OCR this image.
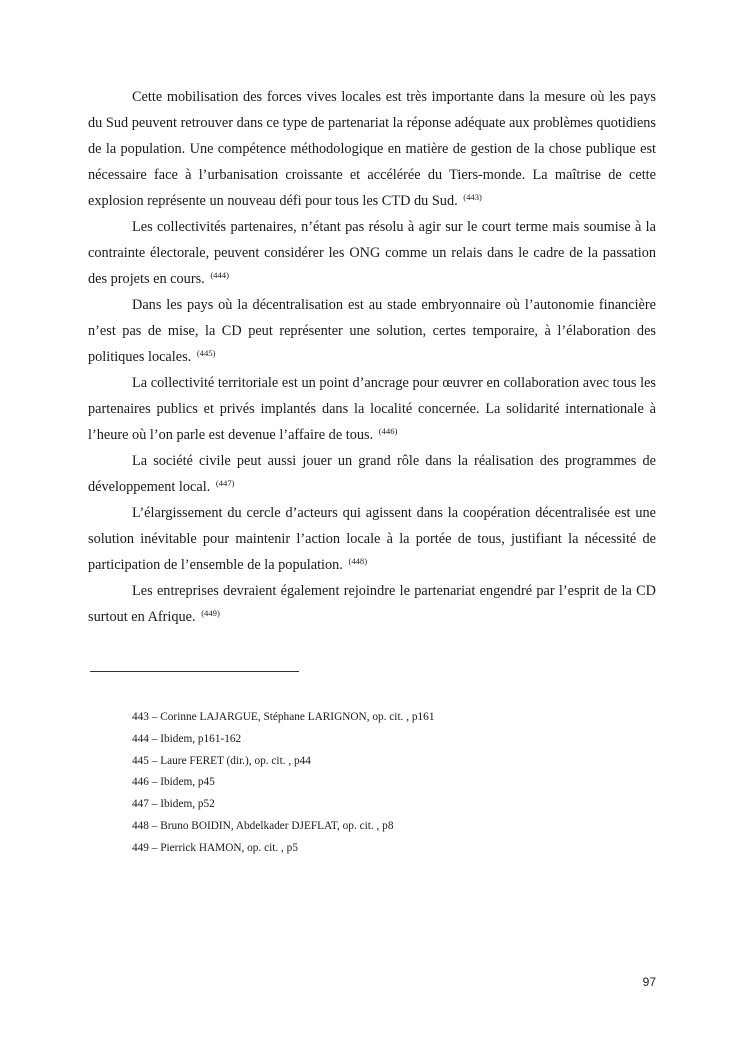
Cette mobilisation des forces vives locales est très importante dans la mesure où les pays du Sud peuvent retrouver dans ce type de partenariat la réponse adéquate aux problèmes quotidiens de la population. Une compétence méthodologique en matière de gestion de la chose publique est nécessaire face à l’urbanisation croissante et accélérée du Tiers-monde. La maîtrise de cette explosion représente un nouveau défi pour tous les CTD du Sud. $^{(443)}$

Les collectivités partenaires, n’étant pas résolu à agir sur le court terme mais soumise à la contrainte électorale, peuvent considérer les ONG comme un relais dans le cadre de la passation des projets en cours. $^{(444)}$

Dans les pays où la décentralisation est au stade embryonnaire où l’autonomie financière n’est pas de mise, la CD peut représenter une solution, certes temporaire, à l’élaboration des politiques locales. $^{(445)}$

La collectivité territoriale est un point d’ancrage pour œuvrer en collaboration avec tous les partenaires publics et privés implantés dans la localité concernée. La solidarité internationale à l’heure où l’on parle est devenue l’affaire de tous. $^{(446)}$

La société civile peut aussi jouer un grand rôle dans la réalisation des programmes de développement local. $^{(447)}$

L’élargissement du cercle d’acteurs qui agissent dans la coopération décentralisée est une solution inévitable pour maintenir l’action locale à la portée de tous, justifiant la nécessité de participation de l’ensemble de la population. $^{(448)}$

Les entreprises devraient également rejoindre le partenariat engendré par l’esprit de la CD surtout en Afrique. $^{(449)}$

443 – Corinne LAJARGUE, Stéphane LARIGNON, op. cit. , p161
444 – Ibidem, p161-162
445 – Laure FERET (dir.), op. cit. , p44
446 – Ibidem, p45
447 – Ibidem, p52
448 – Bruno BOIDIN, Abdelkader DJEFLAT, op. cit. , p8
449 – Pierrick HAMON, op. cit. , p5
97
